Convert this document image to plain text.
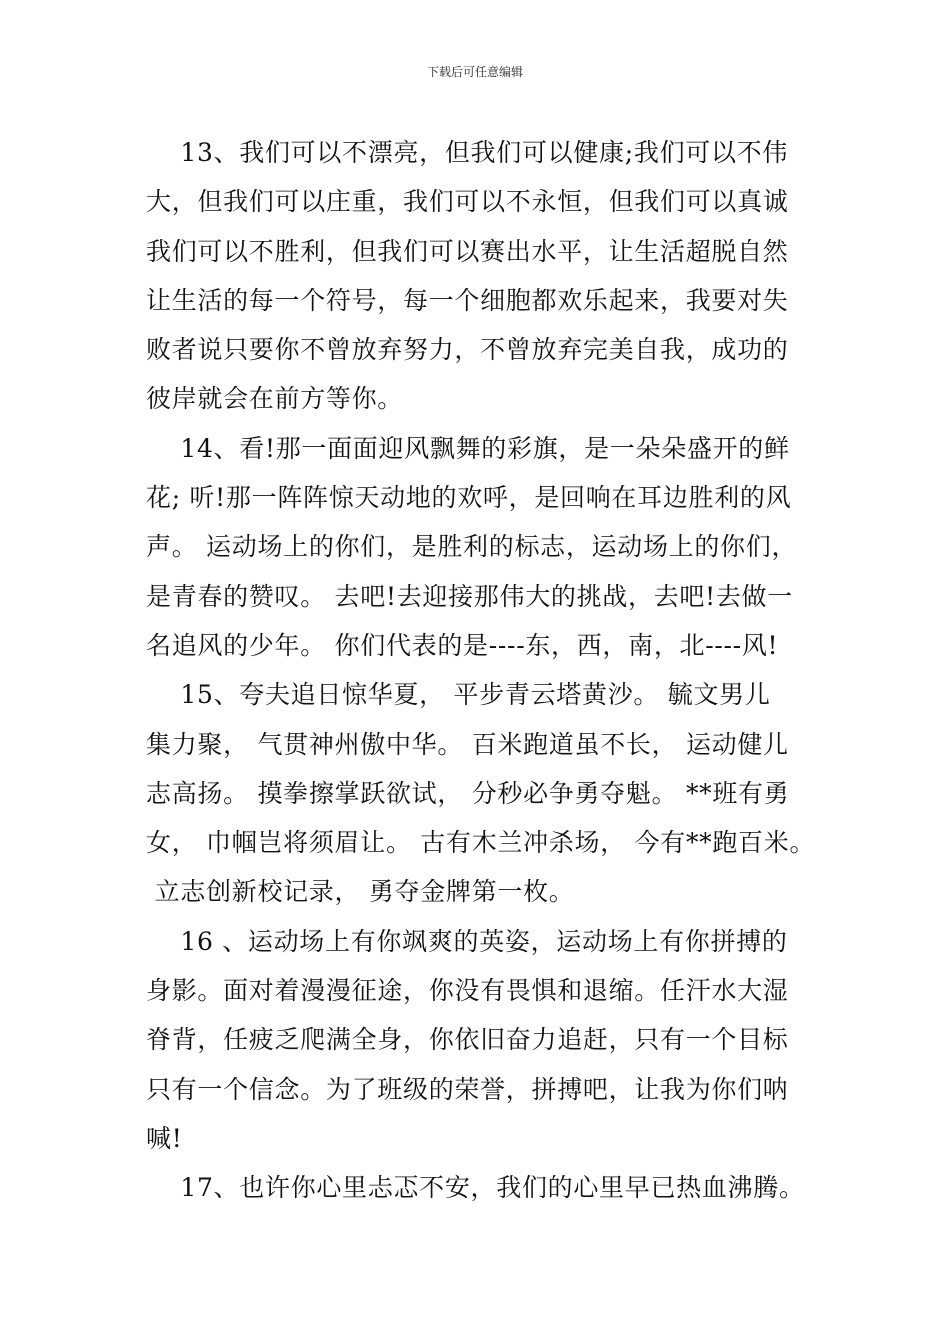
下载后可任意编辑
　 13、我们可以不漂亮，但我们可以健康;我们可以不伟
大，但我们可以庄重，我们可以不永恒，但我们可以真诚
我们可以不胜利，但我们可以赛出水平，让生活超脱自然
让生活的每一个符号，每一个细胞都欢乐起来，我要对失
败者说只要你不曾放弃努力，不曾放弃完美自我，成功的
彼岸就会在前方等你。
　 14、看!那一面面迎风飘舞的彩旗，是一朵朵盛开的鲜
花; 听!那一阵阵惊天动地的欢呼，是回响在耳边胜利的风
声。 运动场上的你们，是胜利的标志，运动场上的你们，
是青春的赞叹。 去吧!去迎接那伟大的挑战，去吧!去做一
名追风的少年。 你们代表的是----东，西，南，北----风!
　 15、夸夫追日惊华夏， 平步青云塔黄沙。 毓文男儿
集力聚， 气贯神州傲中华。 百米跑道虽不长， 运动健儿
志高扬。 摸拳擦掌跃欲试， 分秒必争勇夺魁。 **班有勇
女， 巾帼岂将须眉让。 古有木兰冲杀场， 今有**跑百米。
立志创新校记录， 勇夺金牌第一枚。
　 16 、运动场上有你飒爽的英姿，运动场上有你拼搏的
身影。面对着漫漫征途，你没有畏惧和退缩。任汗水大湿
脊背，任疲乏爬满全身，你依旧奋力追赶，只有一个目标
只有一个信念。为了班级的荣誉，拼搏吧，让我为你们呐
喊!
　 17、也许你心里忐忑不安，我们的心里早已热血沸腾。
